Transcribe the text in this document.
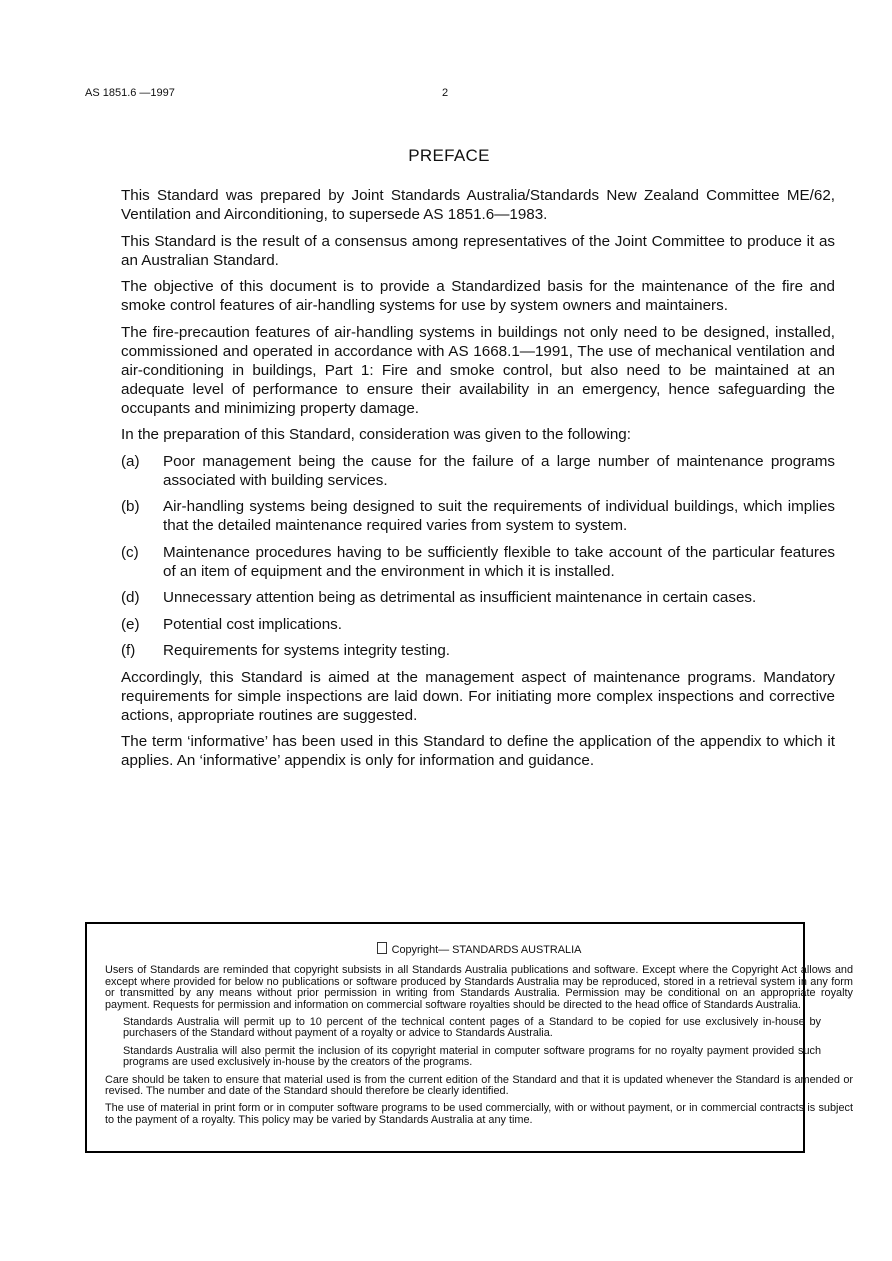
AS 1851.6 —1997	2
PREFACE

This Standard was prepared by Joint Standards Australia/Standards New Zealand Committee ME/62, Ventilation and Airconditioning, to supersede AS 1851.6—1983.

This Standard is the result of a consensus among representatives of the Joint Committee to produce it as an Australian Standard.

The objective of this document is to provide a Standardized basis for the maintenance of the fire and smoke control features of air-handling systems for use by system owners and maintainers.

The fire-precaution features of air-handling systems in buildings not only need to be designed, installed, commissioned and operated in accordance with AS 1668.1—1991, The use of mechanical ventilation and air-conditioning in buildings, Part 1: Fire and smoke control, but also need to be maintained at an adequate level of performance to ensure their availability in an emergency, hence safeguarding the occupants and minimizing property damage.

In the preparation of this Standard, consideration was given to the following:

(a)	Poor management being the cause for the failure of a large number of maintenance programs associated with building services.
(b)	Air-handling systems being designed to suit the requirements of individual buildings, which implies that the detailed maintenance required varies from system to system.
(c)	Maintenance procedures having to be sufficiently flexible to take account of the particular features of an item of equipment and the environment in which it is installed.
(d)	Unnecessary attention being as detrimental as insufficient maintenance in certain cases.
(e)	Potential cost implications.
(f)	Requirements for systems integrity testing.

Accordingly, this Standard is aimed at the management aspect of maintenance programs. Mandatory requirements for simple inspections are laid down. For initiating more complex inspections and corrective actions, appropriate routines are suggested.

The term ‘informative’ has been used in this Standard to define the application of the appendix to which it applies. An ‘informative’ appendix is only for information and guidance.

Copyright— STANDARDS AUSTRALIA

Users of Standards are reminded that copyright subsists in all Standards Australia publications and software. Except where the Copyright Act allows and except where provided for below no publications or software produced by Standards Australia may be reproduced, stored in a retrieval system in any form or transmitted by any means without prior permission in writing from Standards Australia. Permission may be conditional on an appropriate royalty payment. Requests for permission and information on commercial software royalties should be directed to the head office of Standards Australia.

Standards Australia will permit up to 10 percent of the technical content pages of a Standard to be copied for use exclusively in-house by purchasers of the Standard without payment of a royalty or advice to Standards Australia.

Standards Australia will also permit the inclusion of its copyright material in computer software programs for no royalty payment provided such programs are used exclusively in-house by the creators of the programs.

Care should be taken to ensure that material used is from the current edition of the Standard and that it is updated whenever the Standard is amended or revised. The number and date of the Standard should therefore be clearly identified.

The use of material in print form or in computer software programs to be used commercially, with or without payment, or in commercial contracts is subject to the payment of a royalty. This policy may be varied by Standards Australia at any time.
